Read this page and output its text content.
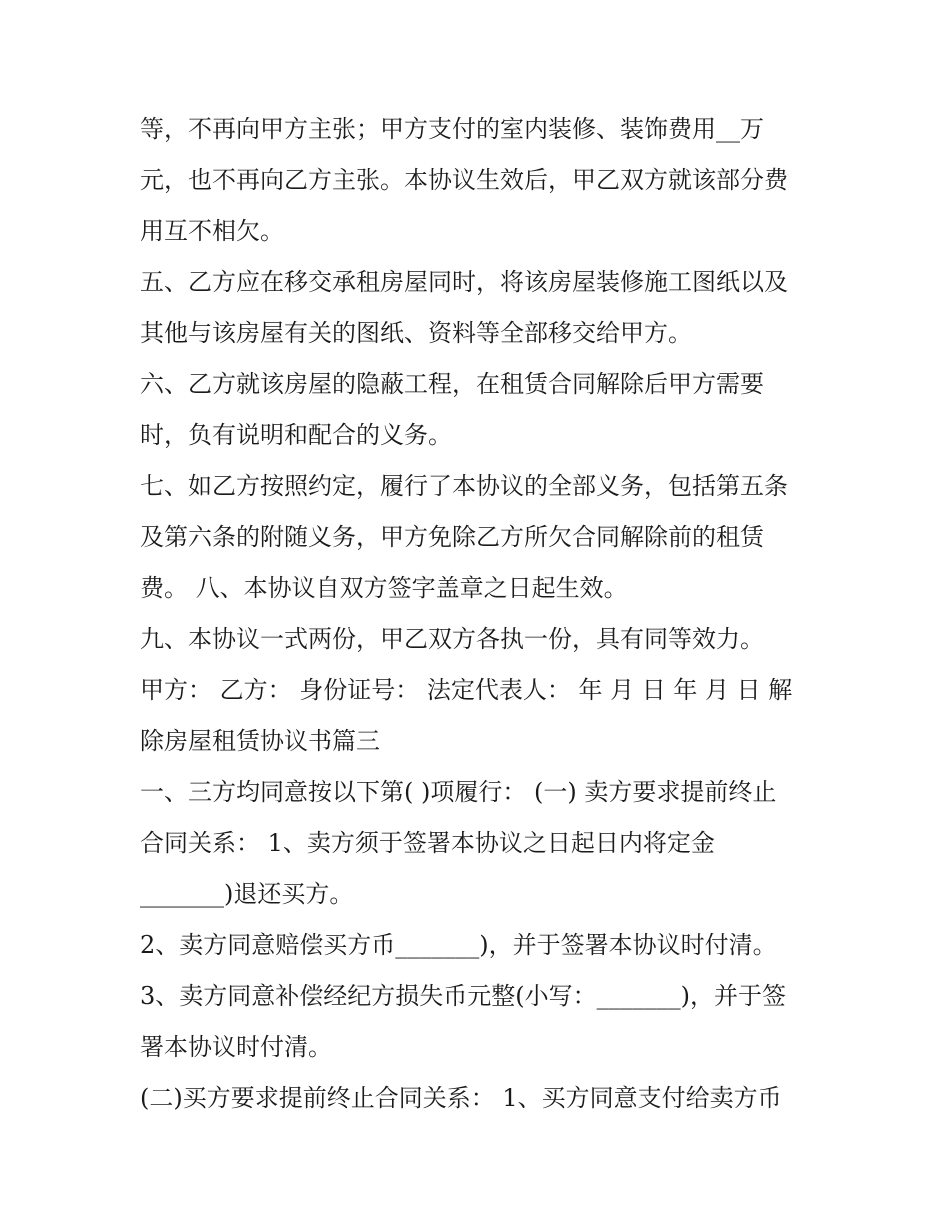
等，不再向甲方主张；甲方支付的室内装修、装饰费用__万
元，也不再向乙方主张。本协议生效后，甲乙双方就该部分费
用互不相欠。
五、乙方应在移交承租房屋同时，将该房屋装修施工图纸以及
其他与该房屋有关的图纸、资料等全部移交给甲方。
六、乙方就该房屋的隐蔽工程，在租赁合同解除后甲方需要
时，负有说明和配合的义务。
七、如乙方按照约定，履行了本协议的全部义务，包括第五条
及第六条的附随义务，甲方免除乙方所欠合同解除前的租赁
费。 八、本协议自双方签字盖章之日起生效。
九、本协议一式两份，甲乙双方各执一份，具有同等效力。
甲方： 乙方： 身份证号： 法定代表人： 年 月 日 年 月 日 解
除房屋租赁协议书篇三
一、三方均同意按以下第( )项履行： (一) 卖方要求提前终止
合同关系： 1、卖方须于签署本协议之日起日内将定金
_______)退还买方。
2、卖方同意赔偿买方币_______)，并于签署本协议时付清。
3、卖方同意补偿经纪方损失币元整(小写：_______)，并于签
署本协议时付清。
(二)买方要求提前终止合同关系： 1、买方同意支付给卖方币
